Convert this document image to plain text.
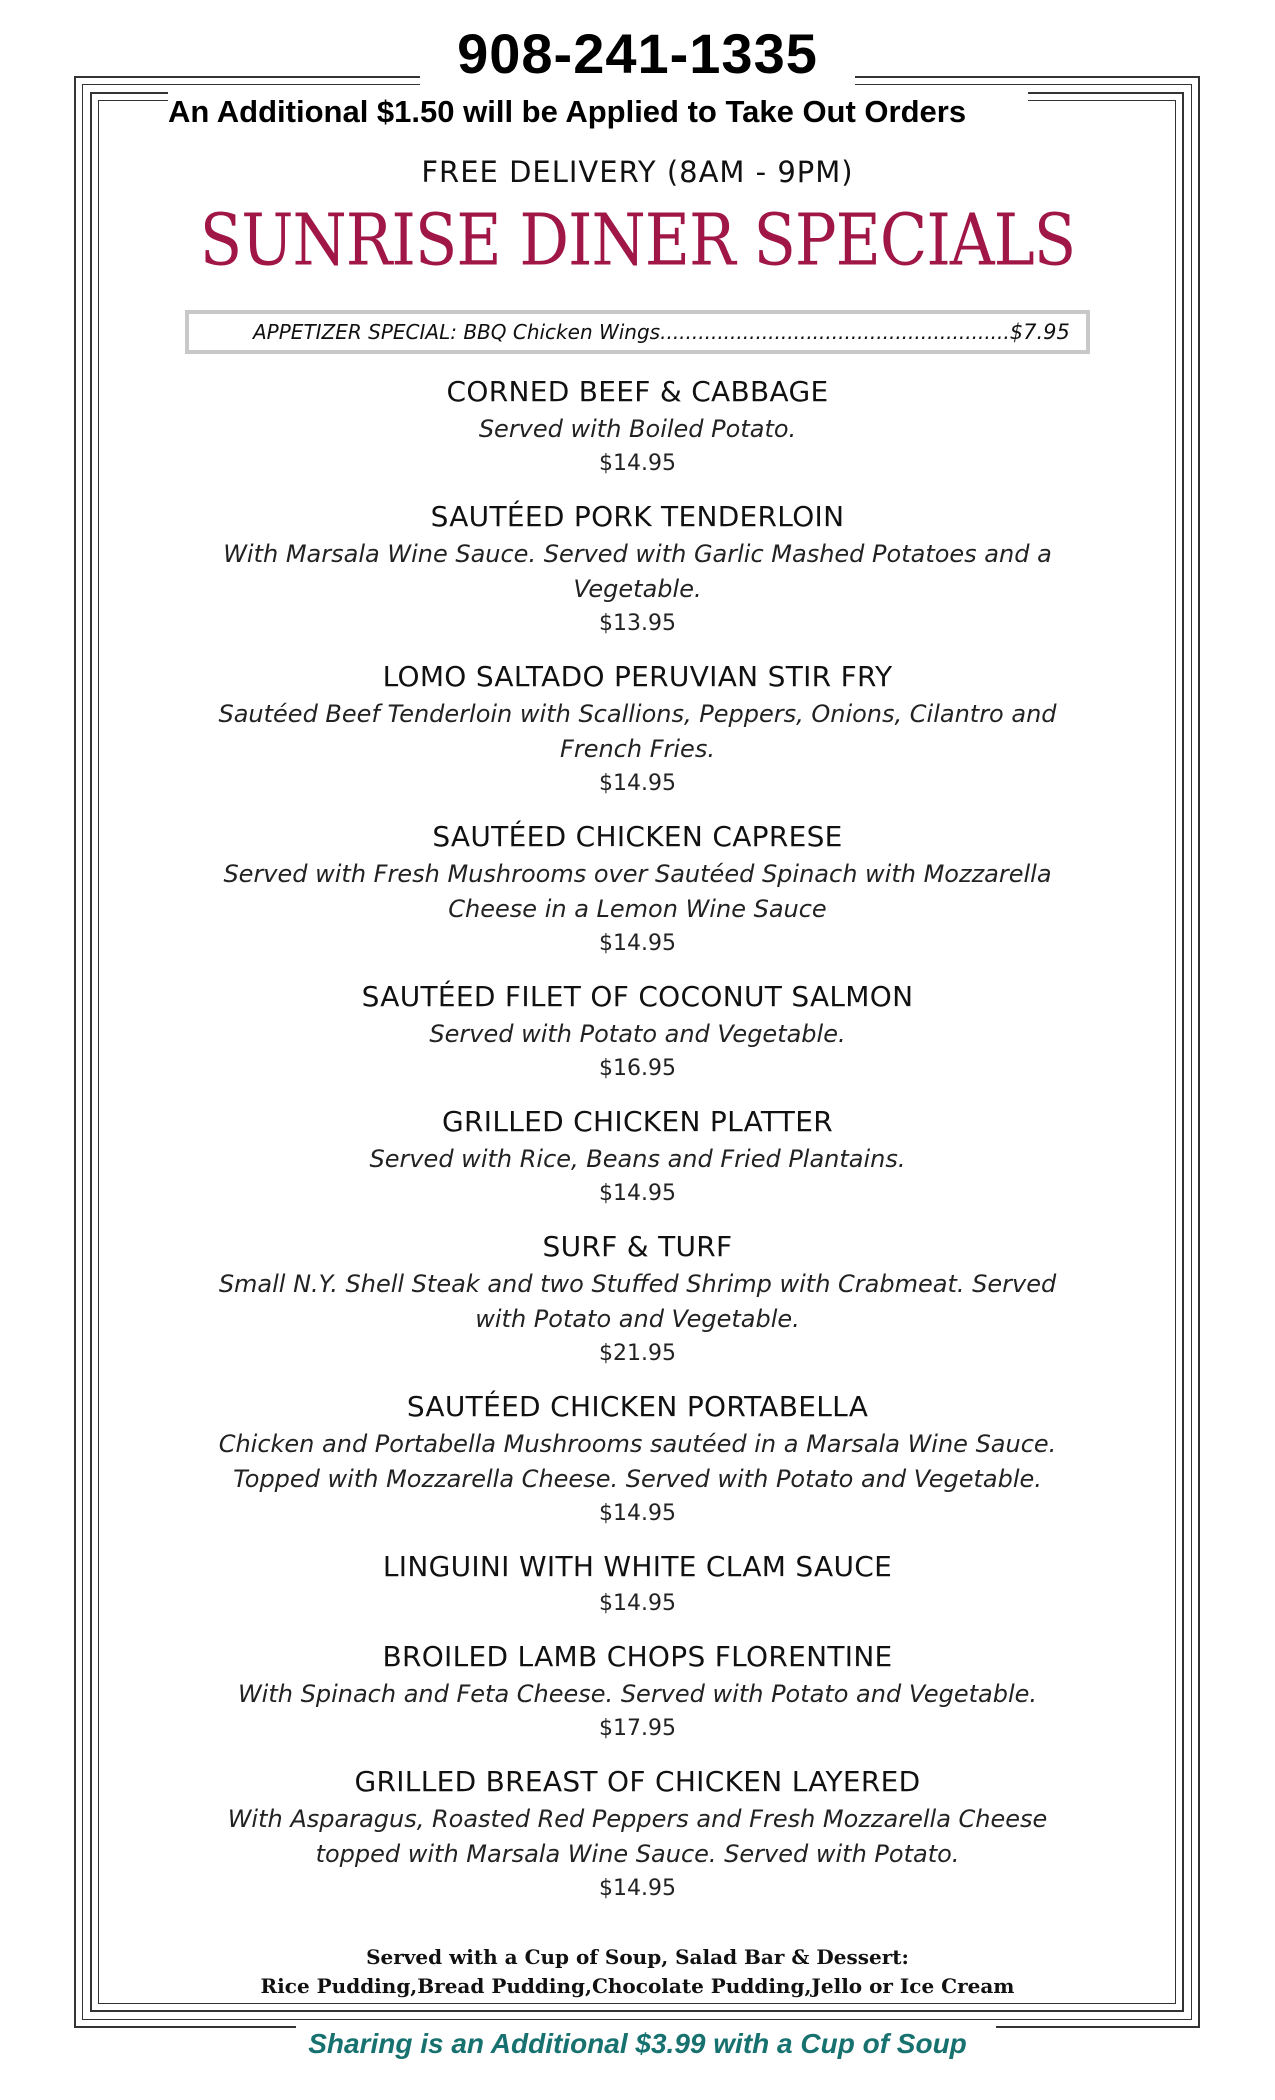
908-241-1335
An Additional $1.50 will be Applied to Take Out Orders
FREE DELIVERY (8AM - 9PM)
SUNRISE DINER SPECIALS
APPETIZER SPECIAL: BBQ Chicken Wings.......................................................$7.95
CORNED BEEF & CABBAGE
Served with Boiled Potato.
$14.95
SAUTÉED PORK TENDERLOIN
With Marsala Wine Sauce. Served with Garlic Mashed Potatoes and a Vegetable.
$13.95
LOMO SALTADO PERUVIAN STIR FRY
Sautéed Beef Tenderloin with Scallions, Peppers, Onions, Cilantro and French Fries.
$14.95
SAUTÉED CHICKEN CAPRESE
Served with Fresh Mushrooms over Sautéed Spinach with Mozzarella Cheese in a Lemon Wine Sauce
$14.95
SAUTÉED FILET OF COCONUT SALMON
Served with Potato and Vegetable.
$16.95
GRILLED CHICKEN PLATTER
Served with Rice, Beans and Fried Plantains.
$14.95
SURF & TURF
Small N.Y. Shell Steak and two Stuffed Shrimp with Crabmeat. Served with Potato and Vegetable.
$21.95
SAUTÉED CHICKEN PORTABELLA
Chicken and Portabella Mushrooms sautéed in a Marsala Wine Sauce. Topped with Mozzarella Cheese. Served with Potato and Vegetable.
$14.95
LINGUINI WITH WHITE CLAM SAUCE
$14.95
BROILED LAMB CHOPS FLORENTINE
With Spinach and Feta Cheese. Served with Potato and Vegetable.
$17.95
GRILLED BREAST OF CHICKEN LAYERED
With Asparagus, Roasted Red Peppers and Fresh Mozzarella Cheese topped with Marsala Wine Sauce. Served with Potato.
$14.95
Served with a Cup of Soup, Salad Bar & Dessert:
Rice Pudding,Bread Pudding,Chocolate Pudding,Jello or Ice Cream
Sharing is an Additional $3.99 with a Cup of Soup
